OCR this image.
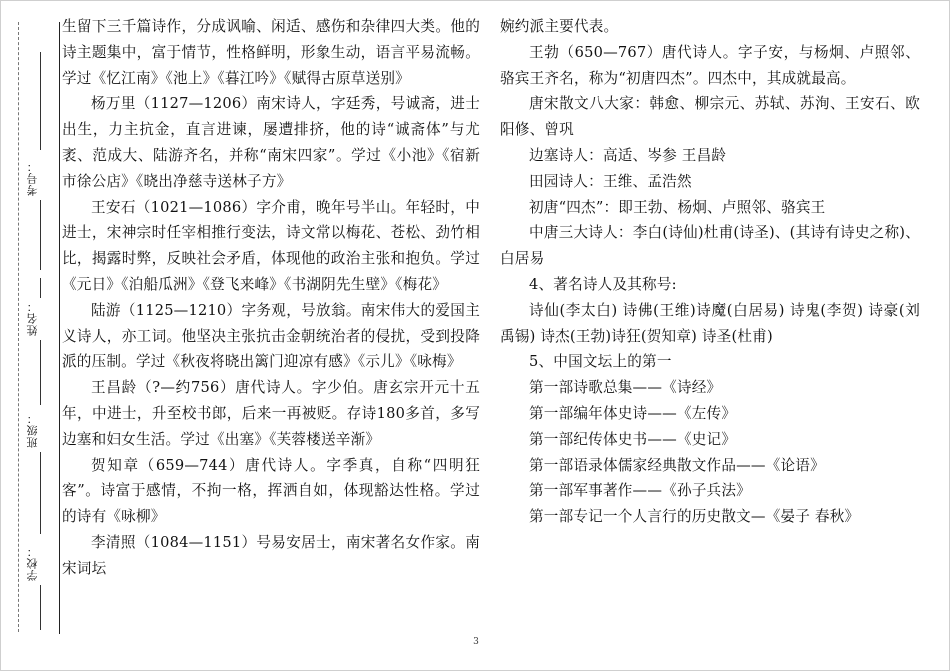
考号：
姓名：
班级：
学校：

生留下三千篇诗作，分成讽喻、闲适、感伤和杂律四大类。他的诗主题集中，富于情节，性格鲜明，形象生动，语言平易流畅。学过《忆江南》《池上》《暮江吟》《赋得古原草送别》

杨万里（1127—1206）南宋诗人，字廷秀，号诚斋，进士出生，力主抗金，直言进谏，屡遭排挤，他的诗“诚斋体”与尤袤、范成大、陆游齐名，并称“南宋四家”。学过《小池》《宿新市徐公店》《晓出净慈寺送林子方》

王安石（1021—1086）字介甫，晚年号半山。年轻时，中进士，宋神宗时任宰相推行变法，诗文常以梅花、苍松、劲竹相比，揭露时弊，反映社会矛盾，体现他的政治主张和抱负。学过《元日》《泊船瓜洲》《登飞来峰》《书湖阴先生壁》《梅花》

陆游（1125—1210）字务观，号放翁。南宋伟大的爱国主义诗人，亦工词。他坚决主张抗击金朝统治者的侵扰，受到投降派的压制。学过《秋夜将晓出篱门迎凉有感》《示儿》《咏梅》

王昌龄（?—约756）唐代诗人。字少伯。唐玄宗开元十五年，中进士，升至校书郎，后来一再被贬。存诗180多首，多写边塞和妇女生活。学过《出塞》《芙蓉楼送辛渐》

贺知章（659—744）唐代诗人。字季真，自称“四明狂客”。诗富于感情，不拘一格，挥洒自如，体现豁达性格。学过的诗有《咏柳》

李清照（1084—1151）号易安居士，南宋著名女作家。南宋词坛

婉约派主要代表。

王勃（650—767）唐代诗人。字子安，与杨炯、卢照邻、骆宾王齐名，称为“初唐四杰”。四杰中，其成就最高。

唐宋散文八大家：韩愈、柳宗元、苏轼、苏洵、王安石、欧阳修、曾巩

边塞诗人：高适、岑参 王昌龄

田园诗人：王维、孟浩然

初唐“四杰”：即王勃、杨炯、卢照邻、骆宾王

中唐三大诗人：李白(诗仙)杜甫(诗圣)、(其诗有诗史之称)、白居易

4、著名诗人及其称号:

诗仙(李太白) 诗佛(王维)诗魔(白居易) 诗鬼(李贺) 诗豪(刘禹锡) 诗杰(王勃)诗狂(贺知章) 诗圣(杜甫)

5、中国文坛上的第一

第一部诗歌总集——《诗经》

第一部编年体史诗——《左传》

第一部纪传体史书——《史记》

第一部语录体儒家经典散文作品——《论语》

第一部军事著作——《孙子兵法》

第一部专记一个人言行的历史散文—《晏子 春秋》

3
